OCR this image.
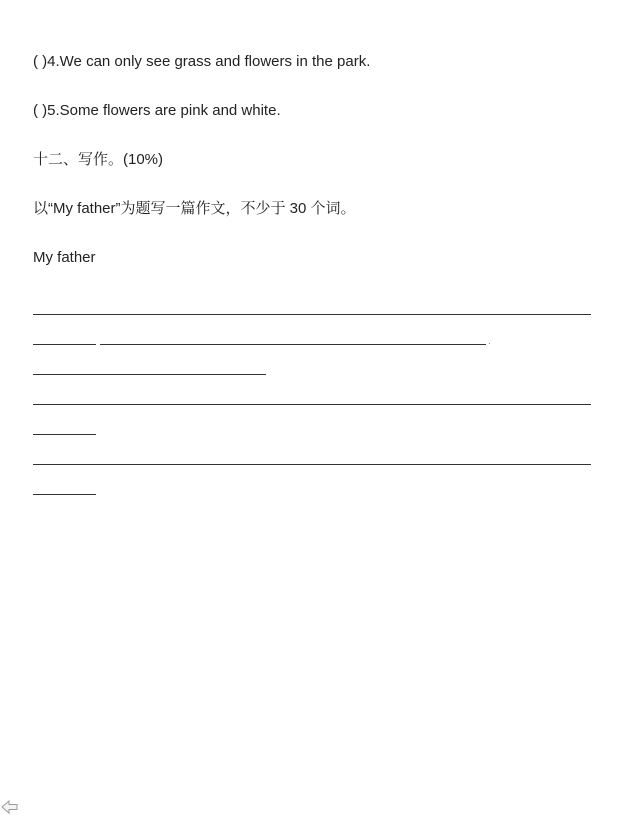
( )4.We can only see grass and flowers in the park.
( )5.Some flowers are pink and white.
十二、写作。(10%)
以“My father”为题写一篇作文，不少于 30 个词。
My father
